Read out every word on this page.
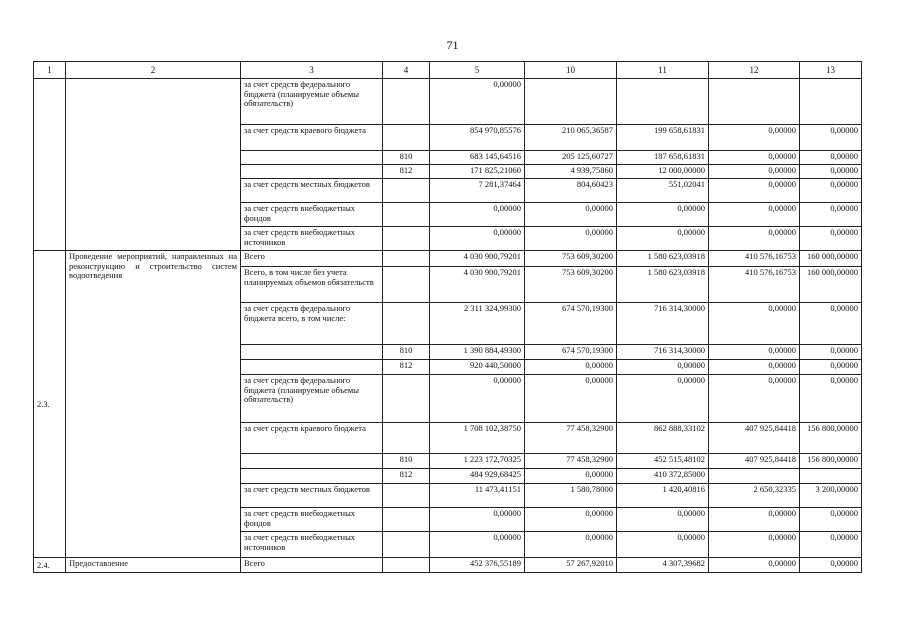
71
1	2	3	4	5	10	11	12	13
		за счет средств федерального бюджета (планируемые объемы обязательств)		0,00000				
		за счет средств краевого бюджета		854 970,85576	210 065,36587	199 658,61831	0,00000	0,00000
			810	683 145,64516	205 125,60727	187 658,61831	0,00000	0,00000
			812	171 825,21060	4 939,75860	12 000,00000	0,00000	0,00000
		за счет средств местных бюджетов		7 281,37464	804,60423	551,02041	0,00000	0,00000
		за счет средств внебюджетных фондов		0,00000	0,00000	0,00000	0,00000	0,00000
		за счет средств внебюджетных источников		0,00000	0,00000	0,00000	0,00000	0,00000
2.3.	Проведение мероприятий, направленных на реконструкцию и строительство систем водоотведения	Всего		4 030 900,79201	753 609,30200	1 580 623,03918	410 576,16753	160 000,00000
		Всего, в том числе без учета планируемых объемов обязательств		4 030 900,79201	753 609,30200	1 580 623,03918	410 576,16753	160 000,00000
		за счет средств федерального бюджета всего, в том числе:		2 311 324,99300	674 570,19300	716 314,30000	0,00000	0,00000
			810	1 390 884,49300	674 570,19300	716 314,30000	0,00000	0,00000
			812	920 440,50000	0,00000	0,00000	0,00000	0,00000
		за счет средств федерального бюджета (планируемые объемы обязательств)		0,00000	0,00000	0,00000	0,00000	0,00000
		за счет средств краевого бюджета		1 708 102,38750	77 458,32900	862 888,33102	407 925,84418	156 800,00000
			810	1 223 172,70325	77 458,32900	452 515,48102	407 925,84418	156 800,00000
			812	484 929,68425	0,00000	410 372,85000		
		за счет средств местных бюджетов		11 473,41151	1 580,78000	1 420,40816	2 650,32335	3 200,00000
		за счет средств внебюджетных фондов		0,00000	0,00000	0,00000	0,00000	0,00000
		за счет средств внебюджетных источников		0,00000	0,00000	0,00000	0,00000	0,00000
2.4.	Предоставление	Всего		452 376,55189	57 267,92010	4 307,39682	0,00000	0,00000
